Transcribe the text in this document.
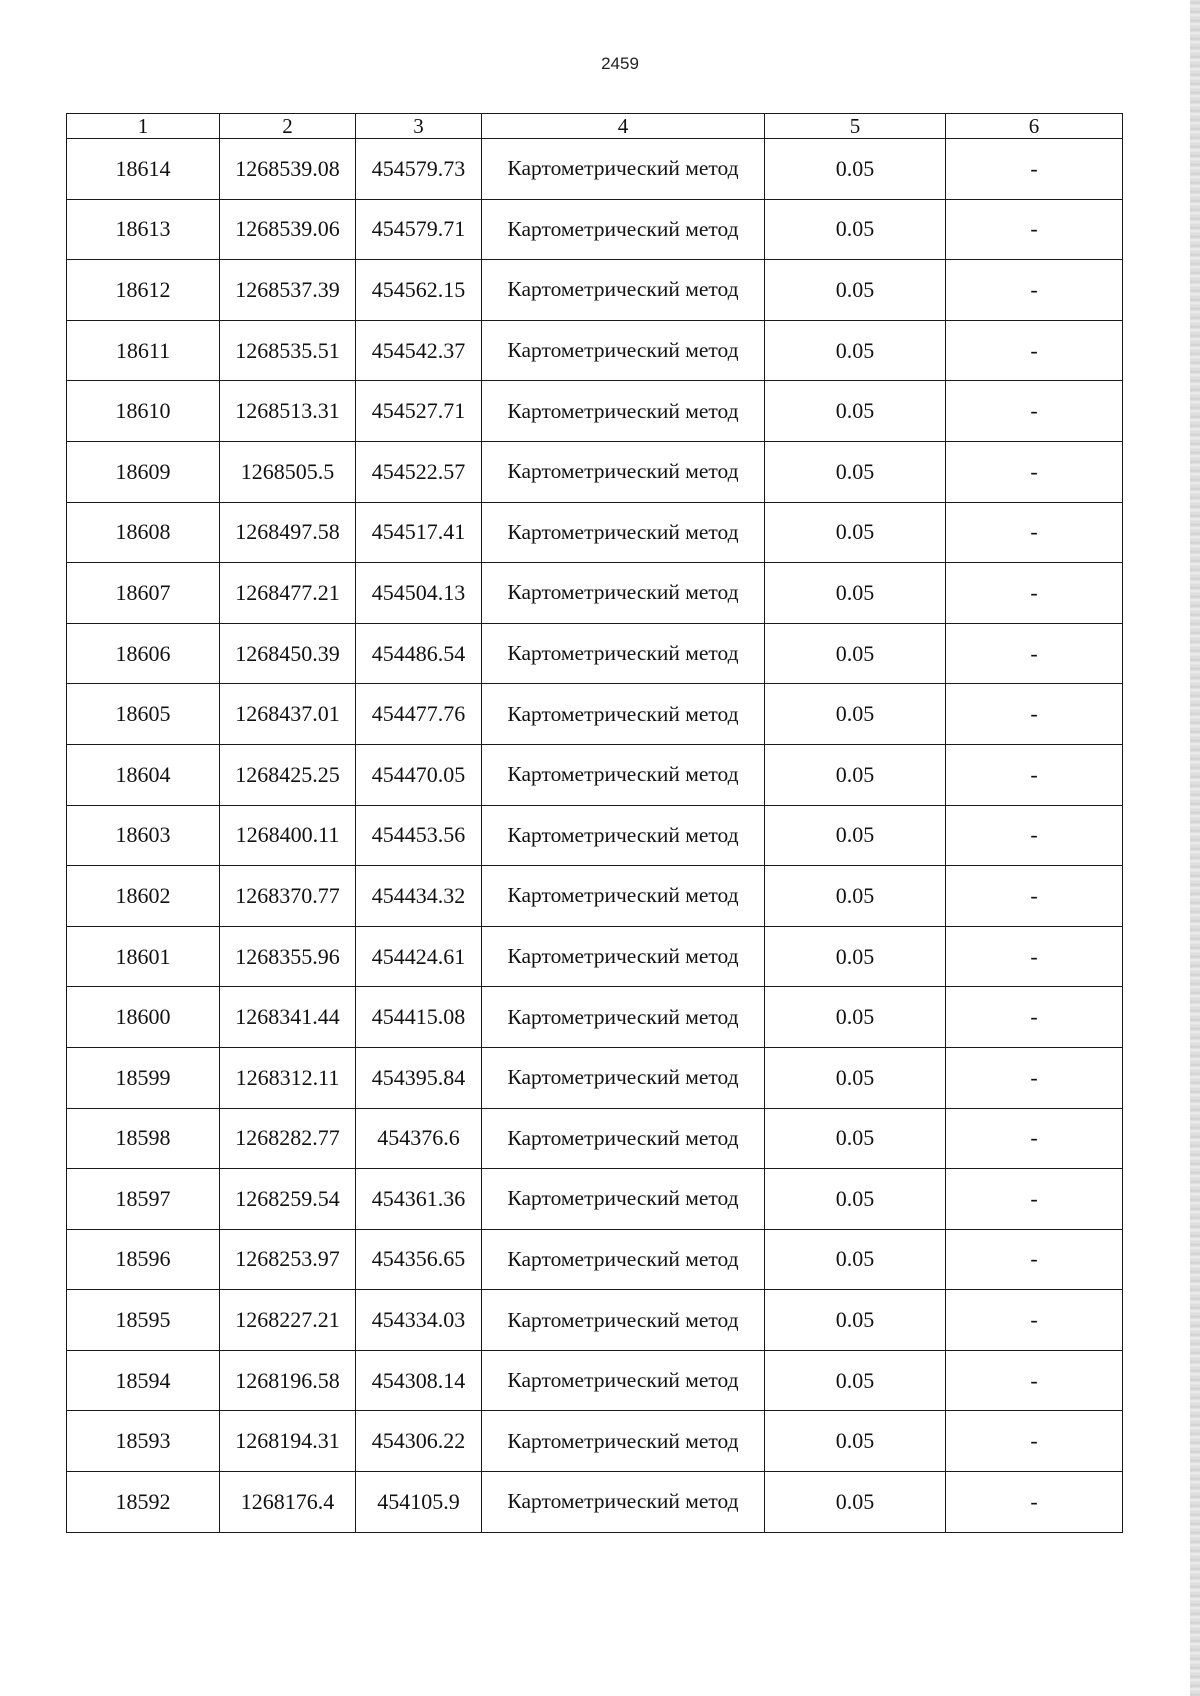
2459
1	2	3	4	5	6
18614	1268539.08	454579.73	Картометрический метод	0.05	-
18613	1268539.06	454579.71	Картометрический метод	0.05	-
18612	1268537.39	454562.15	Картометрический метод	0.05	-
18611	1268535.51	454542.37	Картометрический метод	0.05	-
18610	1268513.31	454527.71	Картометрический метод	0.05	-
18609	1268505.5	454522.57	Картометрический метод	0.05	-
18608	1268497.58	454517.41	Картометрический метод	0.05	-
18607	1268477.21	454504.13	Картометрический метод	0.05	-
18606	1268450.39	454486.54	Картометрический метод	0.05	-
18605	1268437.01	454477.76	Картометрический метод	0.05	-
18604	1268425.25	454470.05	Картометрический метод	0.05	-
18603	1268400.11	454453.56	Картометрический метод	0.05	-
18602	1268370.77	454434.32	Картометрический метод	0.05	-
18601	1268355.96	454424.61	Картометрический метод	0.05	-
18600	1268341.44	454415.08	Картометрический метод	0.05	-
18599	1268312.11	454395.84	Картометрический метод	0.05	-
18598	1268282.77	454376.6	Картометрический метод	0.05	-
18597	1268259.54	454361.36	Картометрический метод	0.05	-
18596	1268253.97	454356.65	Картометрический метод	0.05	-
18595	1268227.21	454334.03	Картометрический метод	0.05	-
18594	1268196.58	454308.14	Картометрический метод	0.05	-
18593	1268194.31	454306.22	Картометрический метод	0.05	-
18592	1268176.4	454105.9	Картометрический метод	0.05	-
